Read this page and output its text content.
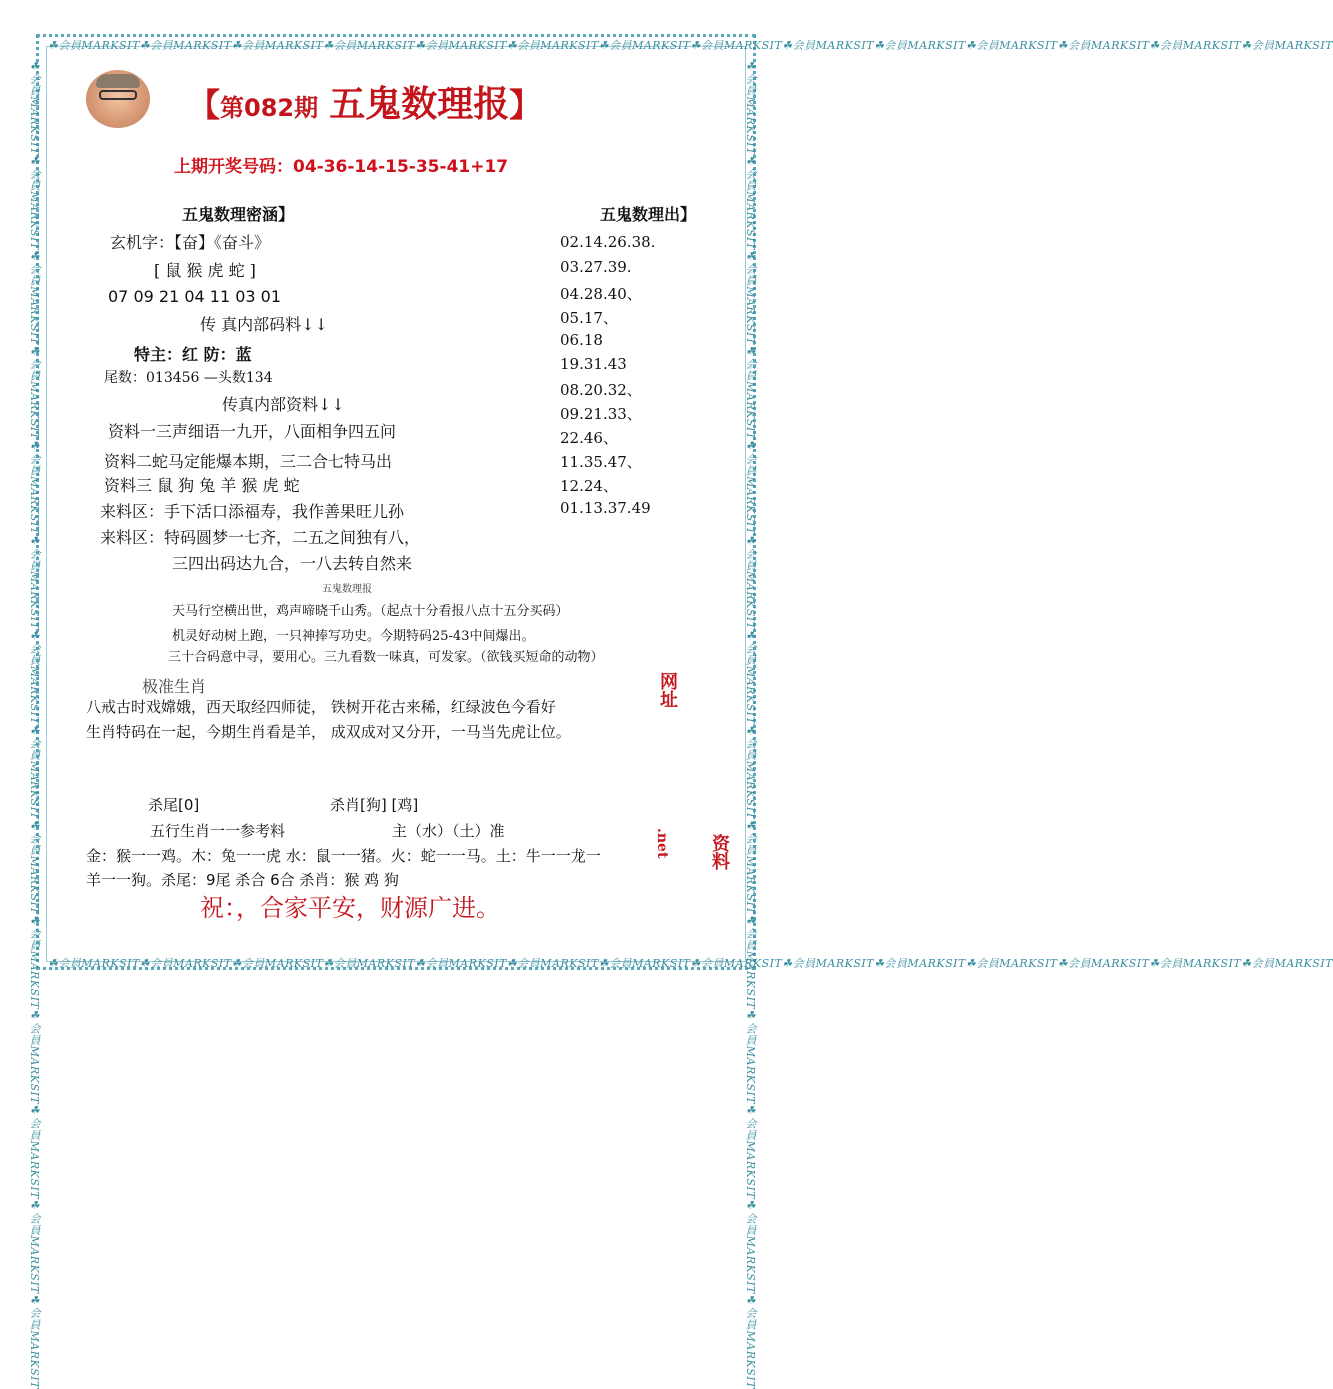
☘会員MARKSIT☘会員MARKSIT☘会員MARKSIT☘会員MARKSIT☘会員MARKSIT☘会員MARKSIT☘会員MARKSIT☘会員MARKSIT☘会員MARKSIT☘会員MARKSIT☘会員MARKSIT☘会員MARKSIT☘会員MARKSIT☘会員MARKSIT
☘会員MARKSIT☘会員MARKSIT☘会員MARKSIT☘会員MARKSIT☘会員MARKSIT☘会員MARKSIT☘会員MARKSIT☘会員MARKSIT☘会員MARKSIT☘会員MARKSIT☘会員MARKSIT☘会員MARKSIT☘会員MARKSIT☘会員MARKSIT
☘会員MARKSIT☘会員MARKSIT☘会員MARKSIT☘会員MARKSIT☘会員MARKSIT☘会員MARKSIT☘会員MARKSIT☘会員MARKSIT☘会員MARKSIT☘会員MARKSIT☘会員MARKSIT☘会員MARKSIT☘会員MARKSIT☘会員MARKSIT	☘会員MARKSIT☘会員MARKSIT☘会員MARKSIT☘会員MARKSIT☘会員MARKSIT☘会員MARKSIT☘会員MARKSIT☘会員MARKSIT☘会員MARKSIT☘会員MARKSIT☘会員MARKSIT☘会員MARKSIT☘会員MARKSIT☘会員MARKSIT
【第082期 五鬼数理报】
上期开奖号码：04-36-14-15-35-41+17
五鬼数理密涵】
玄机字：【奋】《奋斗》
[ 鼠 猴 虎 蛇 ]
07 09 21 04 11 03 01
传 真内部码料↓↓
特主：红 防：蓝
尾数：013456 —头数134
传真内部资料↓↓
资料一三声细语一九开，八面相争四五问
资料二蛇马定能爆本期，三二合七特马出
资料三 鼠 狗 兔 羊 猴 虎 蛇
来料区：手下活口添福寿，我作善果旺儿孙
来料区：特码圆梦一七齐，二五之间独有八，
三四出码达九合，一八去转自然来
五鬼数理出】
02.14.26.38.
03.27.39.
04.28.40、
05.17、
06.18
19.31.43
08.20.32、
09.21.33、
22.46、
11.35.47、
12.24、
01.13.37.49
五鬼数理报
天马行空横出世，鸡声啼晓千山秀。（起点十分看报八点十五分买码）
机灵好动树上跑，一只神捧写功史。今期特码25-43中间爆出。
三十合码意中寻，要用心。三九看数一味真，可发家。（欲钱买短命的动物）
极准生肖
八戒古时戏嫦娥，西天取经四师徒， 铁树开花古来稀，红绿波色今看好
生肖特码在一起，今期生肖看是羊， 成双成对又分开，一马当先虎让位。
网址
资料
杀尾[0]	杀肖[狗] [鸡]
五行生肖一一参考料	主（水）（土）准
金：猴一一鸡。木：兔一一虎 水：鼠一一猪。火：蛇一一马。土：牛一一龙一
羊一一狗。杀尾：9尾 杀合 6合 杀肖：猴 鸡 狗
.net
祝：，合家平安，财源广进。
